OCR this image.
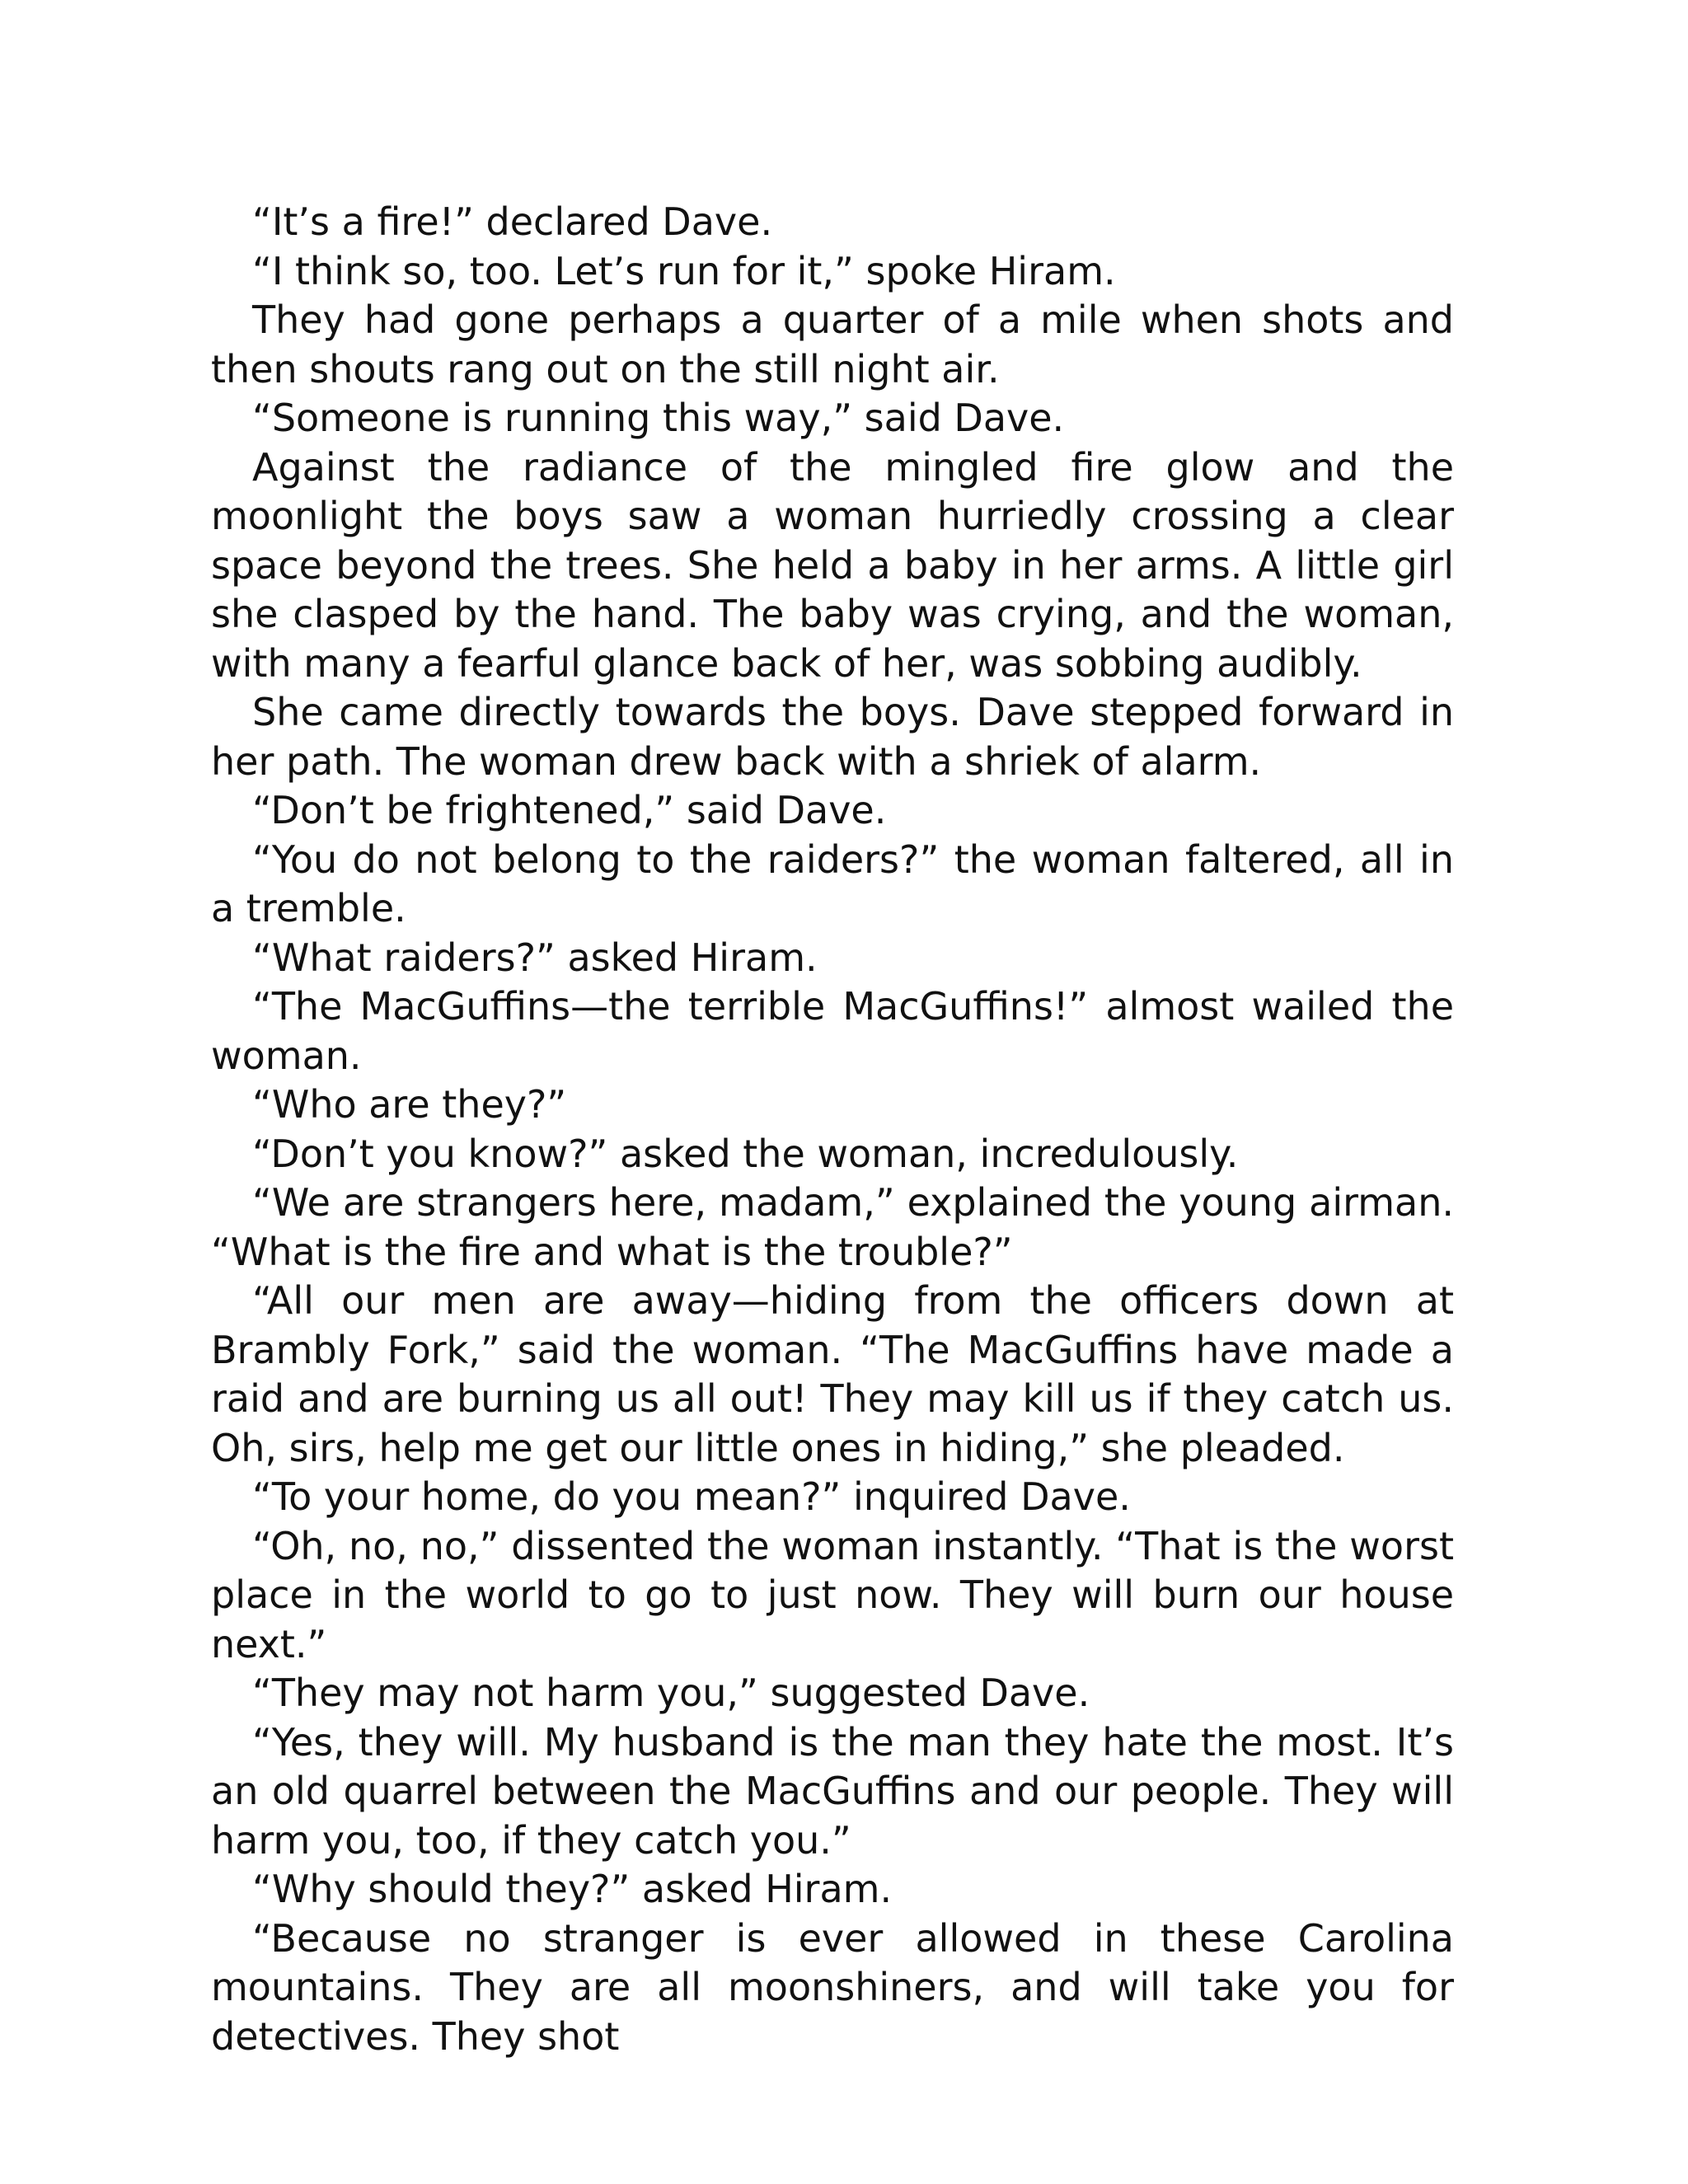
“It’s a fire!” declared Dave.

“I think so, too. Let’s run for it,” spoke Hiram.

They had gone perhaps a quarter of a mile when shots and then shouts rang out on the still night air.

“Someone is running this way,” said Dave.

Against the radiance of the mingled fire glow and the moonlight the boys saw a woman hurriedly crossing a clear space beyond the trees. She held a baby in her arms. A little girl she clasped by the hand. The baby was crying, and the woman, with many a fearful glance back of her, was sobbing audibly.

She came directly towards the boys. Dave stepped forward in her path. The woman drew back with a shriek of alarm.

“Don’t be frightened,” said Dave.

“You do not belong to the raiders?” the woman faltered, all in a tremble.

“What raiders?” asked Hiram.

“The MacGuffins—the terrible MacGuffins!” almost wailed the woman.

“Who are they?”

“Don’t you know?” asked the woman, incredulously.

“We are strangers here, madam,” explained the young airman. “What is the fire and what is the trouble?”

“All our men are away—hiding from the officers down at Brambly Fork,” said the woman. “The MacGuffins have made a raid and are burning us all out! They may kill us if they catch us. Oh, sirs, help me get our little ones in hiding,” she pleaded.

“To your home, do you mean?” inquired Dave.

“Oh, no, no,” dissented the woman instantly. “That is the worst place in the world to go to just now. They will burn our house next.”

“They may not harm you,” suggested Dave.

“Yes, they will. My husband is the man they hate the most. It’s an old quarrel between the MacGuffins and our people. They will harm you, too, if they catch you.”

“Why should they?” asked Hiram.

“Because no stranger is ever allowed in these Carolina mountains. They are all moonshiners, and will take you for detectives. They shot
